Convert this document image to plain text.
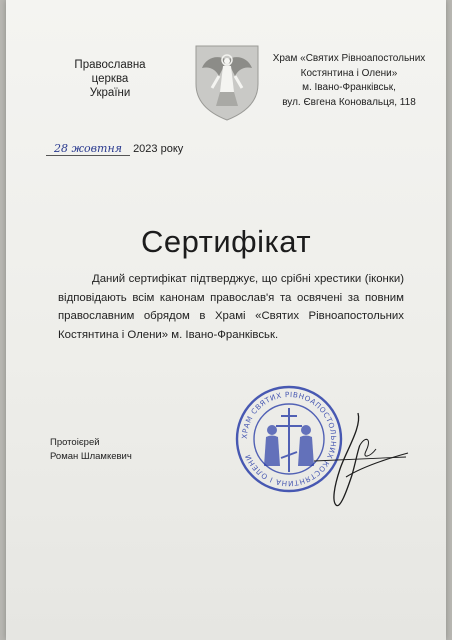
Православна
церква
України
Храм «Святих Рівноапостольних
Костянтина і Олени»
м. Івано-Франківськ,
вул. Євгена Коновальця, 118
28 жовтня 2023 року
Сертифікат
Даний сертифікат підтверджує, що срібні хрестики (іконки) відповідають всім канонам православ'я та освячені за повним православним обрядом в Храмі «Святих Рівноапостольних Костянтина і Олени» м. Івано-Франківськ.
Протоієрей
Роман Шламкевич
ХРАМ СВЯТИХ РІВНОАПОСТОЛЬНИХ КОСТЯНТИНА І ОЛЕНИ
